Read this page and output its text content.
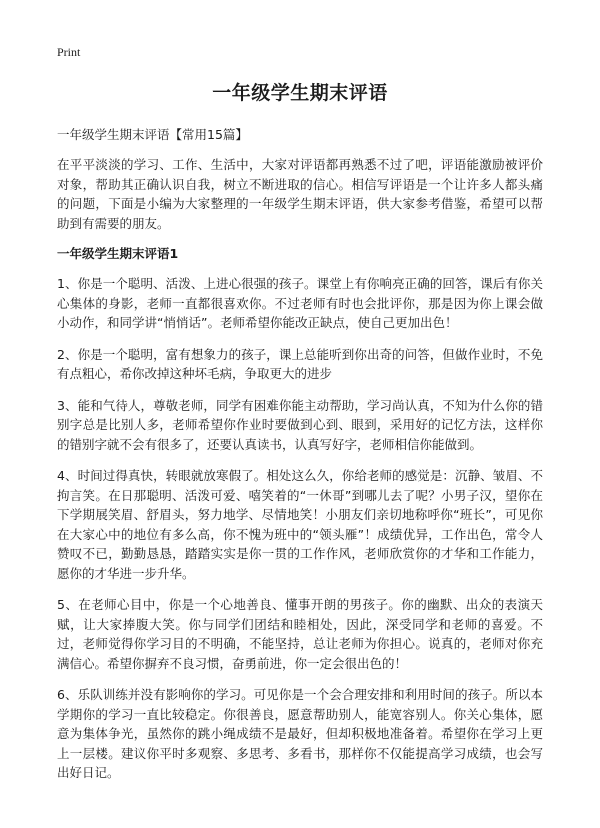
Print
一年级学生期末评语
一年级学生期末评语【常用15篇】

在平平淡淡的学习、工作、生活中，大家对评语都再熟悉不过了吧，评语能激励被评价对象，帮助其正确认识自我，树立不断进取的信心。相信写评语是一个让许多人都头痛的问题，下面是小编为大家整理的一年级学生期末评语，供大家参考借鉴，希望可以帮助到有需要的朋友。

一年级学生期末评语1

1、你是一个聪明、活泼、上进心很强的孩子。课堂上有你响亮正确的回答，课后有你关心集体的身影，老师一直都很喜欢你。不过老师有时也会批评你，那是因为你上课会做小动作，和同学讲“悄悄话”。老师希望你能改正缺点，使自己更加出色！

2、你是一个聪明，富有想象力的孩子，课上总能听到你出奇的问答，但做作业时，不免有点粗心，希你改掉这种坏毛病，争取更大的进步

3、能和气待人，尊敬老师，同学有困难你能主动帮助，学习尚认真，不知为什么你的错别字总是比别人多，老师希望你作业时要做到心到、眼到，采用好的记忆方法，这样你的错别字就不会有很多了，还要认真读书，认真写好字，老师相信你能做到。

4、时间过得真快，转眼就放寒假了。相处这么久，你给老师的感觉是：沉静、皱眉、不拘言笑。在日那聪明、活泼可爱、嘻笑着的“一休哥”到哪儿去了呢？小男子汉，望你在下学期展笑眉、舒眉头，努力地学、尽情地笑！小朋友们亲切地称呼你“班长”，可见你在大家心中的地位有多么高，你不愧为班中的“领头雁”！成绩优异，工作出色，常令人赞叹不已，勤勤恳恳，踏踏实实是你一贯的工作作风，老师欣赏你的才华和工作能力，愿你的才华进一步升华。

5、在老师心目中，你是一个心地善良、懂事开朗的男孩子。你的幽默、出众的表演天赋，让大家捧腹大笑。你与同学们团结和睦相处，因此，深受同学和老师的喜爱。不过，老师觉得你学习目的不明确，不能坚持，总让老师为你担心。说真的，老师对你充满信心。希望你摒弃不良习惯，奋勇前进，你一定会很出色的！

6、乐队训练并没有影响你的学习。可见你是一个会合理安排和利用时间的孩子。所以本学期你的学习一直比较稳定。你很善良，愿意帮助别人，能宽容别人。你关心集体，愿意为集体争光，虽然你的跳小绳成绩不是最好，但却积极地准备着。希望你在学习上更上一层楼。建议你平时多观察、多思考、多看书，那样你不仅能提高学习成绩，也会写出好日记。
